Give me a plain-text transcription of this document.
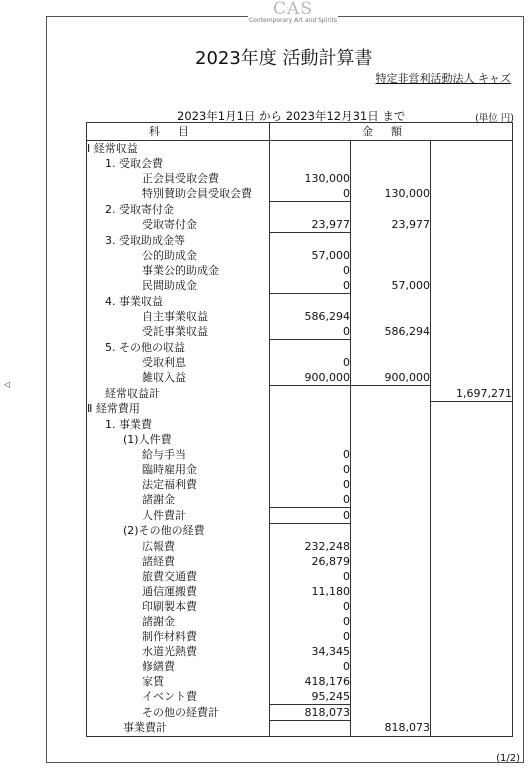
CAS
Contemporary Art and Spirits
2023年度 活動計算書
特定非営利活動法人 キャズ
2023年1月1日 から 2023年12月31日 まで	(単位 円)
◁
科目	金額		
Ⅰ 経常収益			
1. 受取会費			
正会員受取会費	130,000		
特別賛助会員受取会費	0	130,000	
2. 受取寄付金			
受取寄付金	23,977	23,977	
3. 受取助成金等			
公的助成金	57,000		
事業公的助成金	0		
民間助成金	0	57,000	
4. 事業収益			
自主事業収益	586,294		
受託事業収益	0	586,294	
5. その他の収益			
受取利息	0		
雑収入益	900,000	900,000	
経常収益計			1,697,271
Ⅱ 経常費用			
1. 事業費			
(1)人件費			
給与手当	0		
臨時雇用金	0		
法定福利費	0		
諸謝金	0		
人件費計	0		
(2)その他の経費			
広報費	232,248		
諸経費	26,879		
旅費交通費	0		
通信運搬費	11,180		
印刷製本費	0		
諸謝金	0		
制作材料費	0		
水道光熱費	34,345		
修繕費	0		
家賃	418,176		
イベント費	95,245		
その他の経費計	818,073		
事業費計		818,073	
(1/2)
